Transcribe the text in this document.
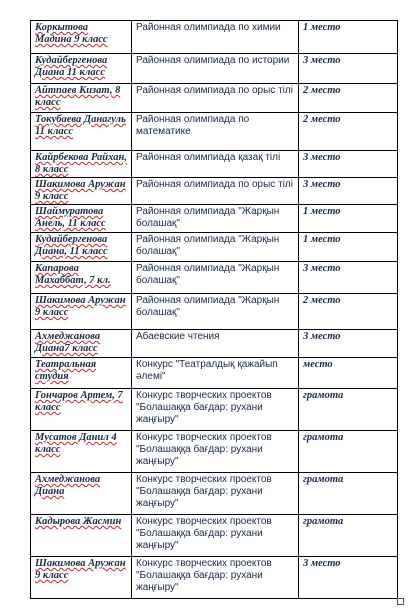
Коркытова Мадина 9 класс	Районная олимпиада по химии	1 место
Кудайбергенова Диана 11 класс	Районная олимпиада по истории	3 место
Айтпаев Кизат, 8 класс	Районная олимпиада по орыс тілі	2 место
Токубаева Данагуль 11 класс	Районная олимпиада по математике	2 место
Кайрбекова Райхан, 8 класс	Районная олимпиада қазақ тілі	3 место
Шакимова Аружан 9 класс	Районная олимпиада по орыс тілі	3 место
Шаймуратова Анель, 11 класс	Районная олимпиада "Жарқын болашақ"	1 место
Кудайбергенова Диана, 11 класс	Районная олимпиада "Жарқын болашақ"	1 место
Капарова Махаббат, 7 кл.	Районная олимпиада "Жарқын болашақ"	3 место
Шакимова Аружан 9 класс	Районная олимпиада "Жарқын болашақ"	2 место
Ахмеджанова Диана7 класс	Абаевские чтения	3 место
Театральная студия	Конкурс "Театралдық қажайып әлемі"	место
Гончаров Артем, 7 класс	Конкурс творческих проектов "Болашаққа бағдар: рухани жаңғыру"	грамота
Мусатов Данил 4 класс	Конкурс творческих проектов "Болашаққа бағдар: рухани жаңғыру"	грамота
Ахмеджанова Диана	Конкурс творческих проектов "Болашаққа бағдар: рухани жаңғыру"	грамота
Кадырова Жасмин	Конкурс творческих проектов "Болашаққа бағдар: рухани жаңғыру"	грамота
Шакимова Аружан 9 класс	Конкурс творческих проектов "Болашаққа бағдар: рухани жаңғыру"	3 место
